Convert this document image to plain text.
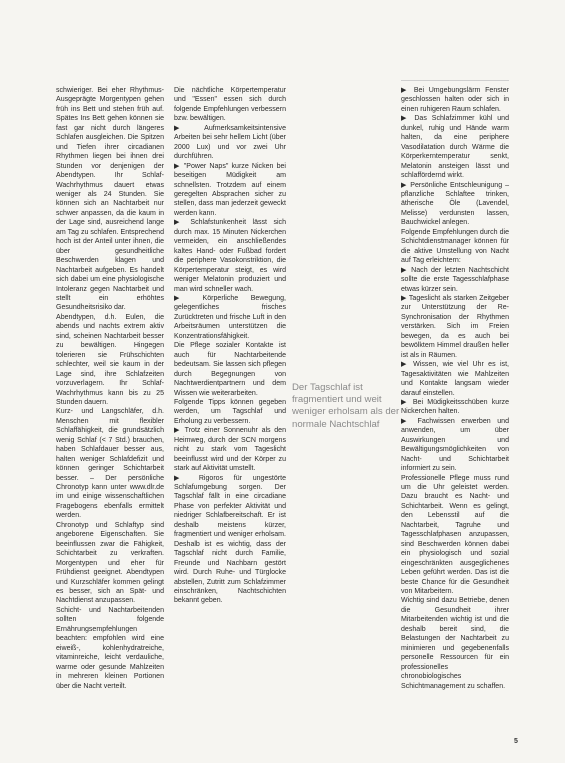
schwieriger. Bei eher Rhythmus-Ausgeprägte Morgentypen gehen früh ins Bett und stehen früh auf. Spätes Ins Bett gehen können sie fast gar nicht durch längeres Schlafen ausgleichen. Die Spitzen und Tiefen ihrer circadianen Rhythmen liegen bei ihnen drei Stunden vor denjenigen der Abendtypen. Ihr Schlaf-Wachrhythmus dauert etwas weniger als 24 Stunden. Sie können sich an Nachtarbeit nur schwer anpassen, da die kaum in der Lage sind, ausreichend lange am Tag zu schlafen. Entsprechend hoch ist der Anteil unter ihnen, die über gesundheitliche Beschwerden klagen und Nachtarbeit aufgeben. Es handelt sich dabei um eine physiologische Intoleranz gegen Nachtarbeit und stellt ein erhöhtes Gesundheitsrisiko dar.

Abendtypen, d.h. Eulen, die abends und nachts extrem aktiv sind, scheinen Nachtarbeit besser zu bewältigen. Hingegen tolerieren sie Frühschichten schlechter, weil sie kaum in der Lage sind, ihre Schlafzeiten vorzuverlagern. Ihr Schlaf-Wachrhythmus kann bis zu 25 Stunden dauern.

Kurz- und Langschläfer, d.h. Menschen mit flexibler Schlaffähigkeit, die grundsätzlich wenig Schlaf (< 7 Std.) brauchen, haben Schlafdauer besser aus, halten weniger Schlafdefizit und können geringer Schichtarbeit besser. – Der persönliche Chronotyp kann unter www.dlr.de im und einige wissenschaftlichen Fragebogens ebenfalls ermittelt werden.

Chronotyp und Schlaftyp sind angeborene Eigenschaften. Sie beeinflussen zwar die Fähigkeit, Schichtarbeit zu verkraften. Morgentypen und eher für Frühdienst geeignet. Abendtypen und Kurzschläfer kommen gelingt es besser, sich an Spät- und Nachtdienst anzupassen.

Schicht- und Nachtarbeitenden sollten folgende Ernährungsempfehlungen beachten: empfohlen wird eine eiweiß-, kohlenhydratreiche, vitaminreiche, leicht verdauliche, warme oder gesunde Mahlzeiten in mehreren kleinen Portionen über die Nacht verteilt.

Die nächtliche Körpertemperatur und "Essen" essen sich durch folgende Empfehlungen verbessern bzw. bewältigen.

▶ Aufmerksamkeitsintensive Arbeiten bei sehr hellem Licht (über 2000 Lux) und vor zwei Uhr durchführen.

▶ "Power Naps" kurze Nicken bei beseitigen Müdigkeit am schnellsten. Trotzdem auf einem geregelten Absprachen sicher zu stellen, dass man jederzeit geweckt werden kann.

▶ Schlafstunkenheit lässt sich durch max. 15 Minuten Nickerchen vermeiden, ein anschließendes kaltes Hand- oder Fußbad fordert die periphere Vasokonstriktion, die Körpertemperatur steigt, es wird weniger Melatonin produziert und man wird schneller wach.

▶ Körperliche Bewegung, gelegentliches frisches Zurücktreten und frische Luft in den Arbeitsräumen unterstützen die Konzentrationsfähigkeit.

Die Pflege sozialer Kontakte ist auch für Nachtarbeitende bedeutsam. Sie lassen sich pflegen durch Begegnungen von Nachtwerdientpartnern und dem Wissen wie weiterarbeiten.

Folgende Tipps können gegeben werden, um Tagschlaf und Erholung zu verbessern.

▶ Trotz einer Sonnenuhr als den Heimweg, durch der SCN morgens nicht zu stark vom Tageslicht beeinflusst wird und der Körper zu stark auf Aktivität umstellt.

▶ Rigoros für ungestörte Schlafumgebung sorgen. Der Tagschlaf fällt in eine circadiane Phase von perfekter Aktivität und niedriger Schlafbereitschaft. Er ist deshalb meistens kürzer, fragmentiert und weniger erholsam. Deshalb ist es wichtig, dass der Tagschlaf nicht durch Familie, Freunde und Nachbarn gestört wird. Durch Ruhe- und Türglocke abstellen, Zutritt zum Schlafzimmer einschränken, Nachtschichten bekannt geben.

Der Tagschlaf ist fragmentiert und weit weniger erholsam als der normale Nachtschlaf

▶ Bei Umgebungslärm Fenster geschlossen halten oder sich in einen ruhigeren Raum schlafen.

▶ Das Schlafzimmer kühl und dunkel, ruhig und Hände warm halten, da eine periphere Vasodilatation durch Wärme die Körperkerntemperatur senkt, Melatonin ansteigen lässt und schlaffördernd wirkt.

▶ Persönliche Entschleunigung – pflanzliche Schlaftee trinken, ätherische Öle (Lavendel, Melisse) verdunsten lassen, Bauchwickel anlegen.

Folgende Empfehlungen durch die Schichtdienstmanager können für die aktive Umstellung von Nacht auf Tag erleichtern:

▶ Nach der letzten Nachtschicht sollte die erste Tagesschlafphase etwas kürzer sein.

▶ Tageslicht als starken Zeitgeber zur Unterstützung der Re-Synchronisation der Rhythmen verstärken. Sich im Freien bewegen, da es auch bei bewölktem Himmel draußen heller ist als in Räumen.

▶ Wissen, wie viel Uhr es ist, Tagesaktivitäten wie Mahlzeiten und Kontakte langsam wieder darauf einstellen.

▶ Bei Müdigkeitsschüben kurze Nickerchen halten.

▶ Fachwissen erwerben und anwenden, um über Auswirkungen und Bewältigungsmöglichkeiten von Nacht- und Schichtarbeit informiert zu sein.

Professionelle Pflege muss rund um die Uhr geleistet werden. Dazu braucht es Nacht- und Schichtarbeit. Wenn es gelingt, den Lebensstil auf die Nachtarbeit, Tagruhe und Tagesschlafphasen anzupassen, sind Beschwerden können dabei ein physiologisch und sozial eingeschränkten ausgeglichenes Leben geführt werden. Das ist die beste Chance für die Gesundheit von Mitarbeitern.

Wichtig sind dazu Betriebe, denen die Gesundheit ihrer Mitarbeitenden wichtig ist und die deshalb bereit sind, die Belastungen der Nachtarbeit zu minimieren und gegebenenfalls personelle Ressourcen für ein professionelles chronobiologisches Schichtmanagement zu schaffen.

5
